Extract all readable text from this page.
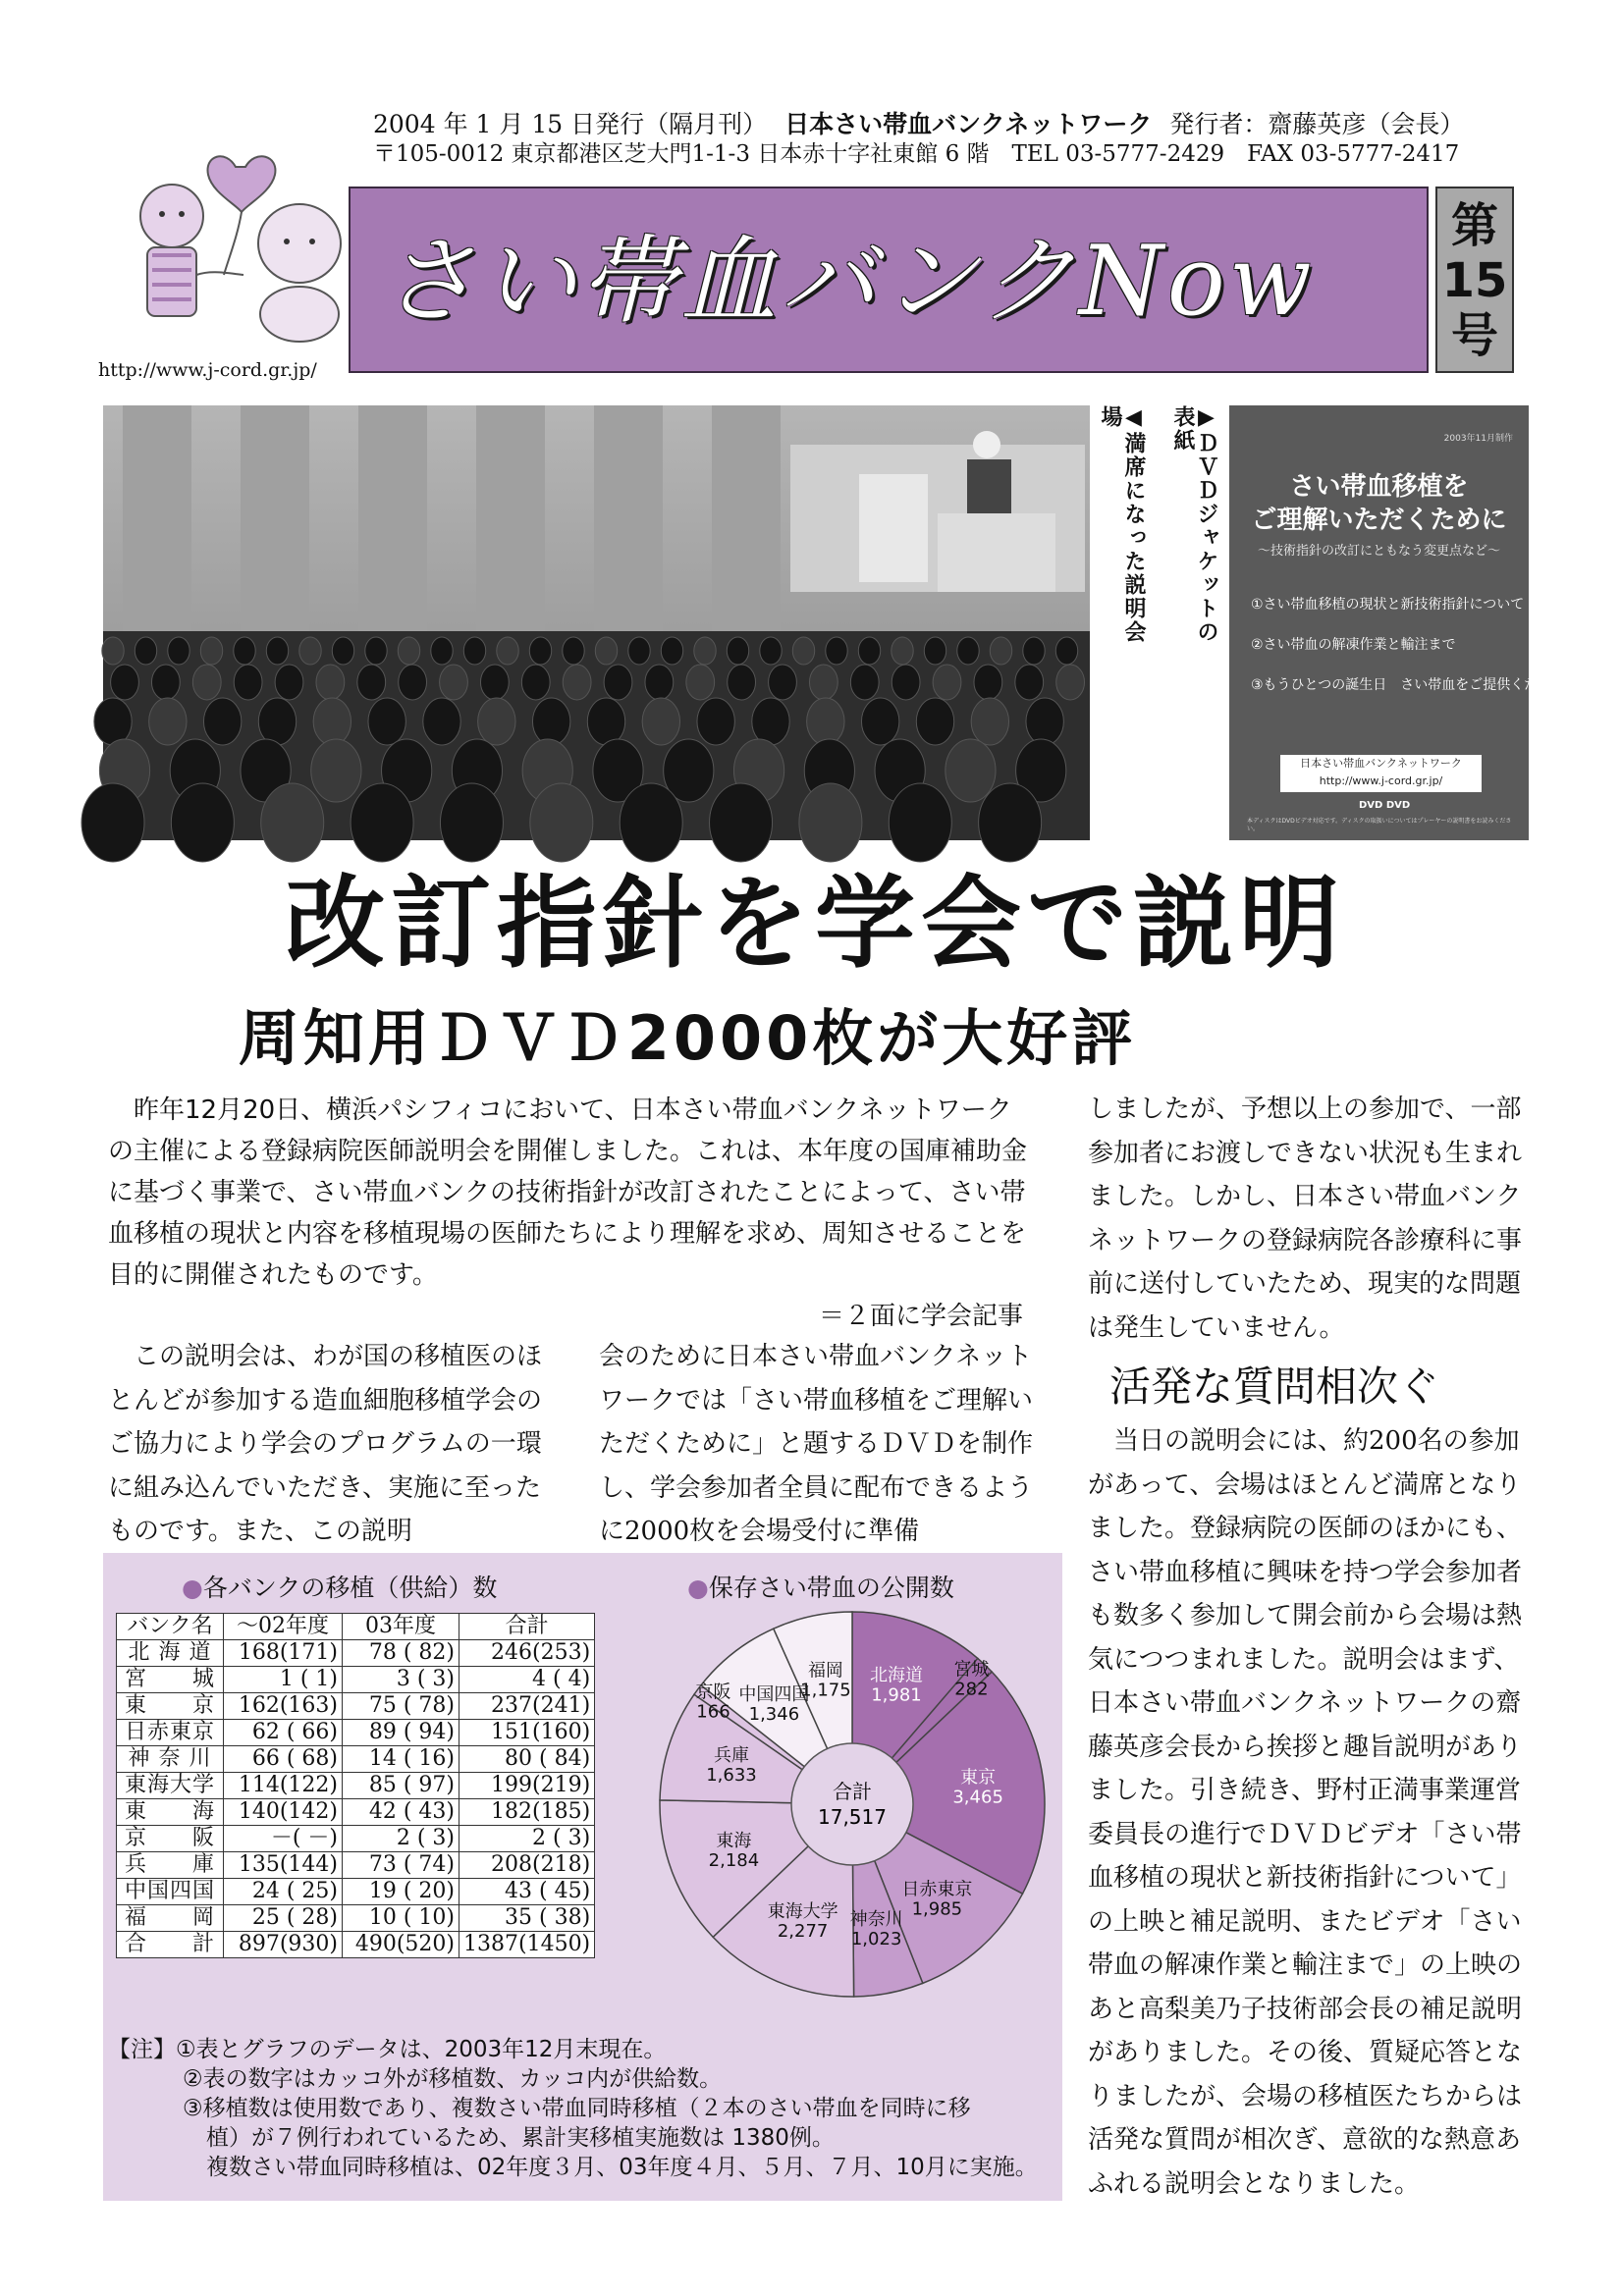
2004 年 1 月 15 日発行（隔月刊） 日本さい帯血バンクネットワーク 発行者：齋藤英彦（会長）
〒105-0012 東京都港区芝大門1-1-3 日本赤十字社東館 6 階　TEL 03-5777-2429　FAX 03-5777-2417
http://www.j-cord.gr.jp/
さい帯血バンクNow	第
15
号
▶ＤＶＤジャケットの表紙
◀満席になった説明会場
2003年11月制作
さい帯血移植を
ご理解いただくために
～技術指針の改訂にともなう変更点など～
①さい帯血移植の現状と新技術指針について
②さい帯血の解凍作業と輸注まで
③もうひとつの誕生日　さい帯血をご提供ください
日本さい帯血バンクネットワーク
http://www.j-cord.gr.jp/
DVD DVD
本ディスクはDVDビデオ対応です。ディスクの取扱いについてはプレーヤーの説明書をお読みください。
改訂指針を学会で説明
周知用ＤＶＤ2000枚が大好評

昨年12月20日、横浜パシフィコにおいて、日本さい帯血バンクネットワークの主催による登録病院医師説明会を開催しました。これは、本年度の国庫補助金に基づく事業で、さい帯血バンクの技術指針が改訂されたことによって、さい帯血移植の現状と内容を移植現場の医師たちにより理解を求め、周知させることを目的に開催されたものです。

＝２面に学会記事

　この説明会は、わが国の移植医のほとんどが参加する造血細胞移植学会のご協力により学会のプログラムの一環に組み込んでいただき、実施に至ったものです。また、この説明

会のために日本さい帯血バンクネットワークでは「さい帯血移植をご理解いただくために」と題するＤＶＤを制作し、学会参加者全員に配布できるように2000枚を会場受付に準備

しましたが、予想以上の参加で、一部参加者にお渡しできない状況も生まれました。しかし、日本さい帯血バンクネットワークの登録病院各診療科に事前に送付していたため、現実的な問題は発生していません。

活発な質問相次ぐ

当日の説明会には、約200名の参加があって、会場はほとんど満席となりました。登録病院の医師のほかにも、さい帯血移植に興味を持つ学会参加者も数多く参加して開会前から会場は熱気につつまれました。説明会はまず、日本さい帯血バンクネットワークの齋藤英彦会長から挨拶と趣旨説明がありました。引き続き、野村正満事業運営委員長の進行でＤＶＤビデオ「さい帯血移植の現状と新技術指針について」の上映と補足説明、またビデオ「さい帯血の解凍作業と輸注まで」の上映のあと高梨美乃子技術部会長の補足説明がありました。その後、質疑応答となりましたが、会場の移植医たちからは活発な質問が相次ぎ、意欲的な熱意あふれる説明会となりました。

●各バンクの移植（供給）数	●保存さい帯血の公開数
バンク名	～02年度	03年度	合計
北 海 道	168(171)	78 ( 82)	246(253)
宮　　城	1 ( 1)	3 ( 3)	4 ( 4)
東　　京	162(163)	75 ( 78)	237(241)
日赤東京	62 ( 66)	89 ( 94)	151(160)
神 奈 川	66 ( 68)	14 ( 16)	80 ( 84)
東海大学	114(122)	85 ( 97)	199(219)
東　　海	140(142)	42 ( 43)	182(185)
京　　阪	－( －)	2 ( 3)	2 ( 3)
兵　　庫	135(144)	73 ( 74)	208(218)
中国四国	24 ( 25)	19 ( 20)	43 ( 45)
福　　岡	25 ( 28)	10 ( 10)	35 ( 38)
合　　計	897(930)	490(520)	1387(1450)
北海道 1,981
宮城 282
東京 3,465
日赤東京 1,985
神奈川 1,023
東海大学 2,277
東海 2,184
兵庫 1,633
京阪 166
中国四国 1,346
福岡 1,175
合計
17,517
【注】①表とグラフのデータは、2003年12月末現在。
②表の数字はカッコ外が移植数、カッコ内が供給数。
③移植数は使用数であり、複数さい帯血同時移植（２本のさい帯血を同時に移
植）が７例行われているため、累計実移植実施数は 1380例。
複数さい帯血同時移植は、02年度３月、03年度４月、５月、７月、10月に実施。
